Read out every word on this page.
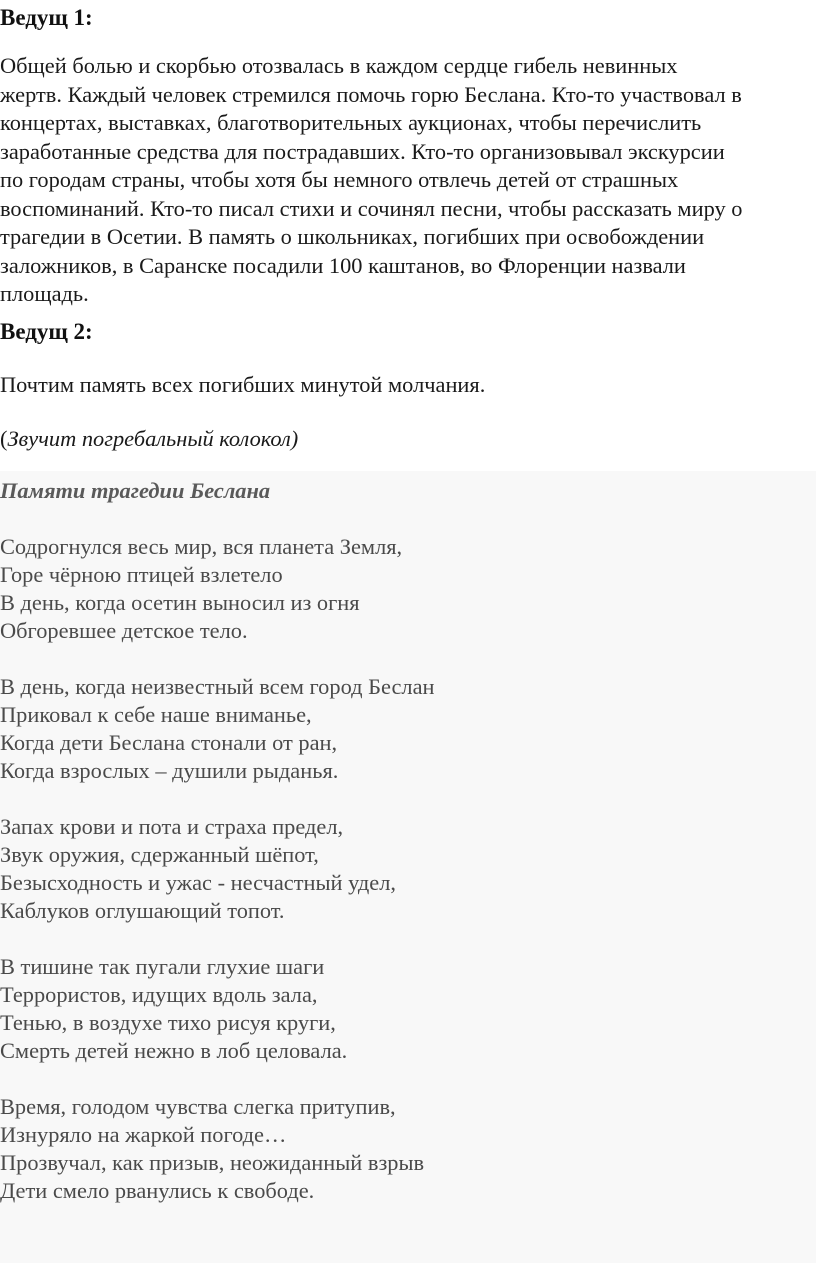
Ведущ 1:

Общей болью и скорбью отозвалась в каждом сердце гибель невинных
жертв. Каждый человек стремился помочь горю Беслана. Кто-то участвовал в
концертах, выставках, благотворительных аукционах, чтобы перечислить
заработанные средства для пострадавших. Кто-то организовывал экскурсии
по городам страны, чтобы хотя бы немного отвлечь детей от страшных
воспоминаний. Кто-то писал стихи и сочинял песни, чтобы рассказать миру о
трагедии в Осетии. В память о школьниках, погибших при освобождении
заложников, в Саранске посадили 100 каштанов, во Флоренции назвали
площадь.

Ведущ 2:

Почтим память всех погибших минутой молчания.

(Звучит погребальный колокол)

Памяти трагедии Беслана

Содрогнулся весь мир, вся планета Земля,
Горе чёрною птицей взлетело
В день, когда осетин выносил из огня
Обгоревшее детское тело.

В день, когда неизвестный всем город Беслан
Приковал к себе наше вниманье,
Когда дети Беслана стонали от ран,
Когда взрослых – душили рыданья.

Запах крови и пота и страха предел,
Звук оружия, сдержанный шёпот,
Безысходность и ужас - несчастный удел,
Каблуков оглушающий топот.

В тишине так пугали глухие шаги
Террористов, идущих вдоль зала,
Тенью, в воздухе тихо рисуя круги,
Смерть детей нежно в лоб целовала.

Время, голодом чувства слегка притупив,
Изнуряло на жаркой погоде…
Прозвучал, как призыв, неожиданный взрыв
Дети смело рванулись к свободе.
